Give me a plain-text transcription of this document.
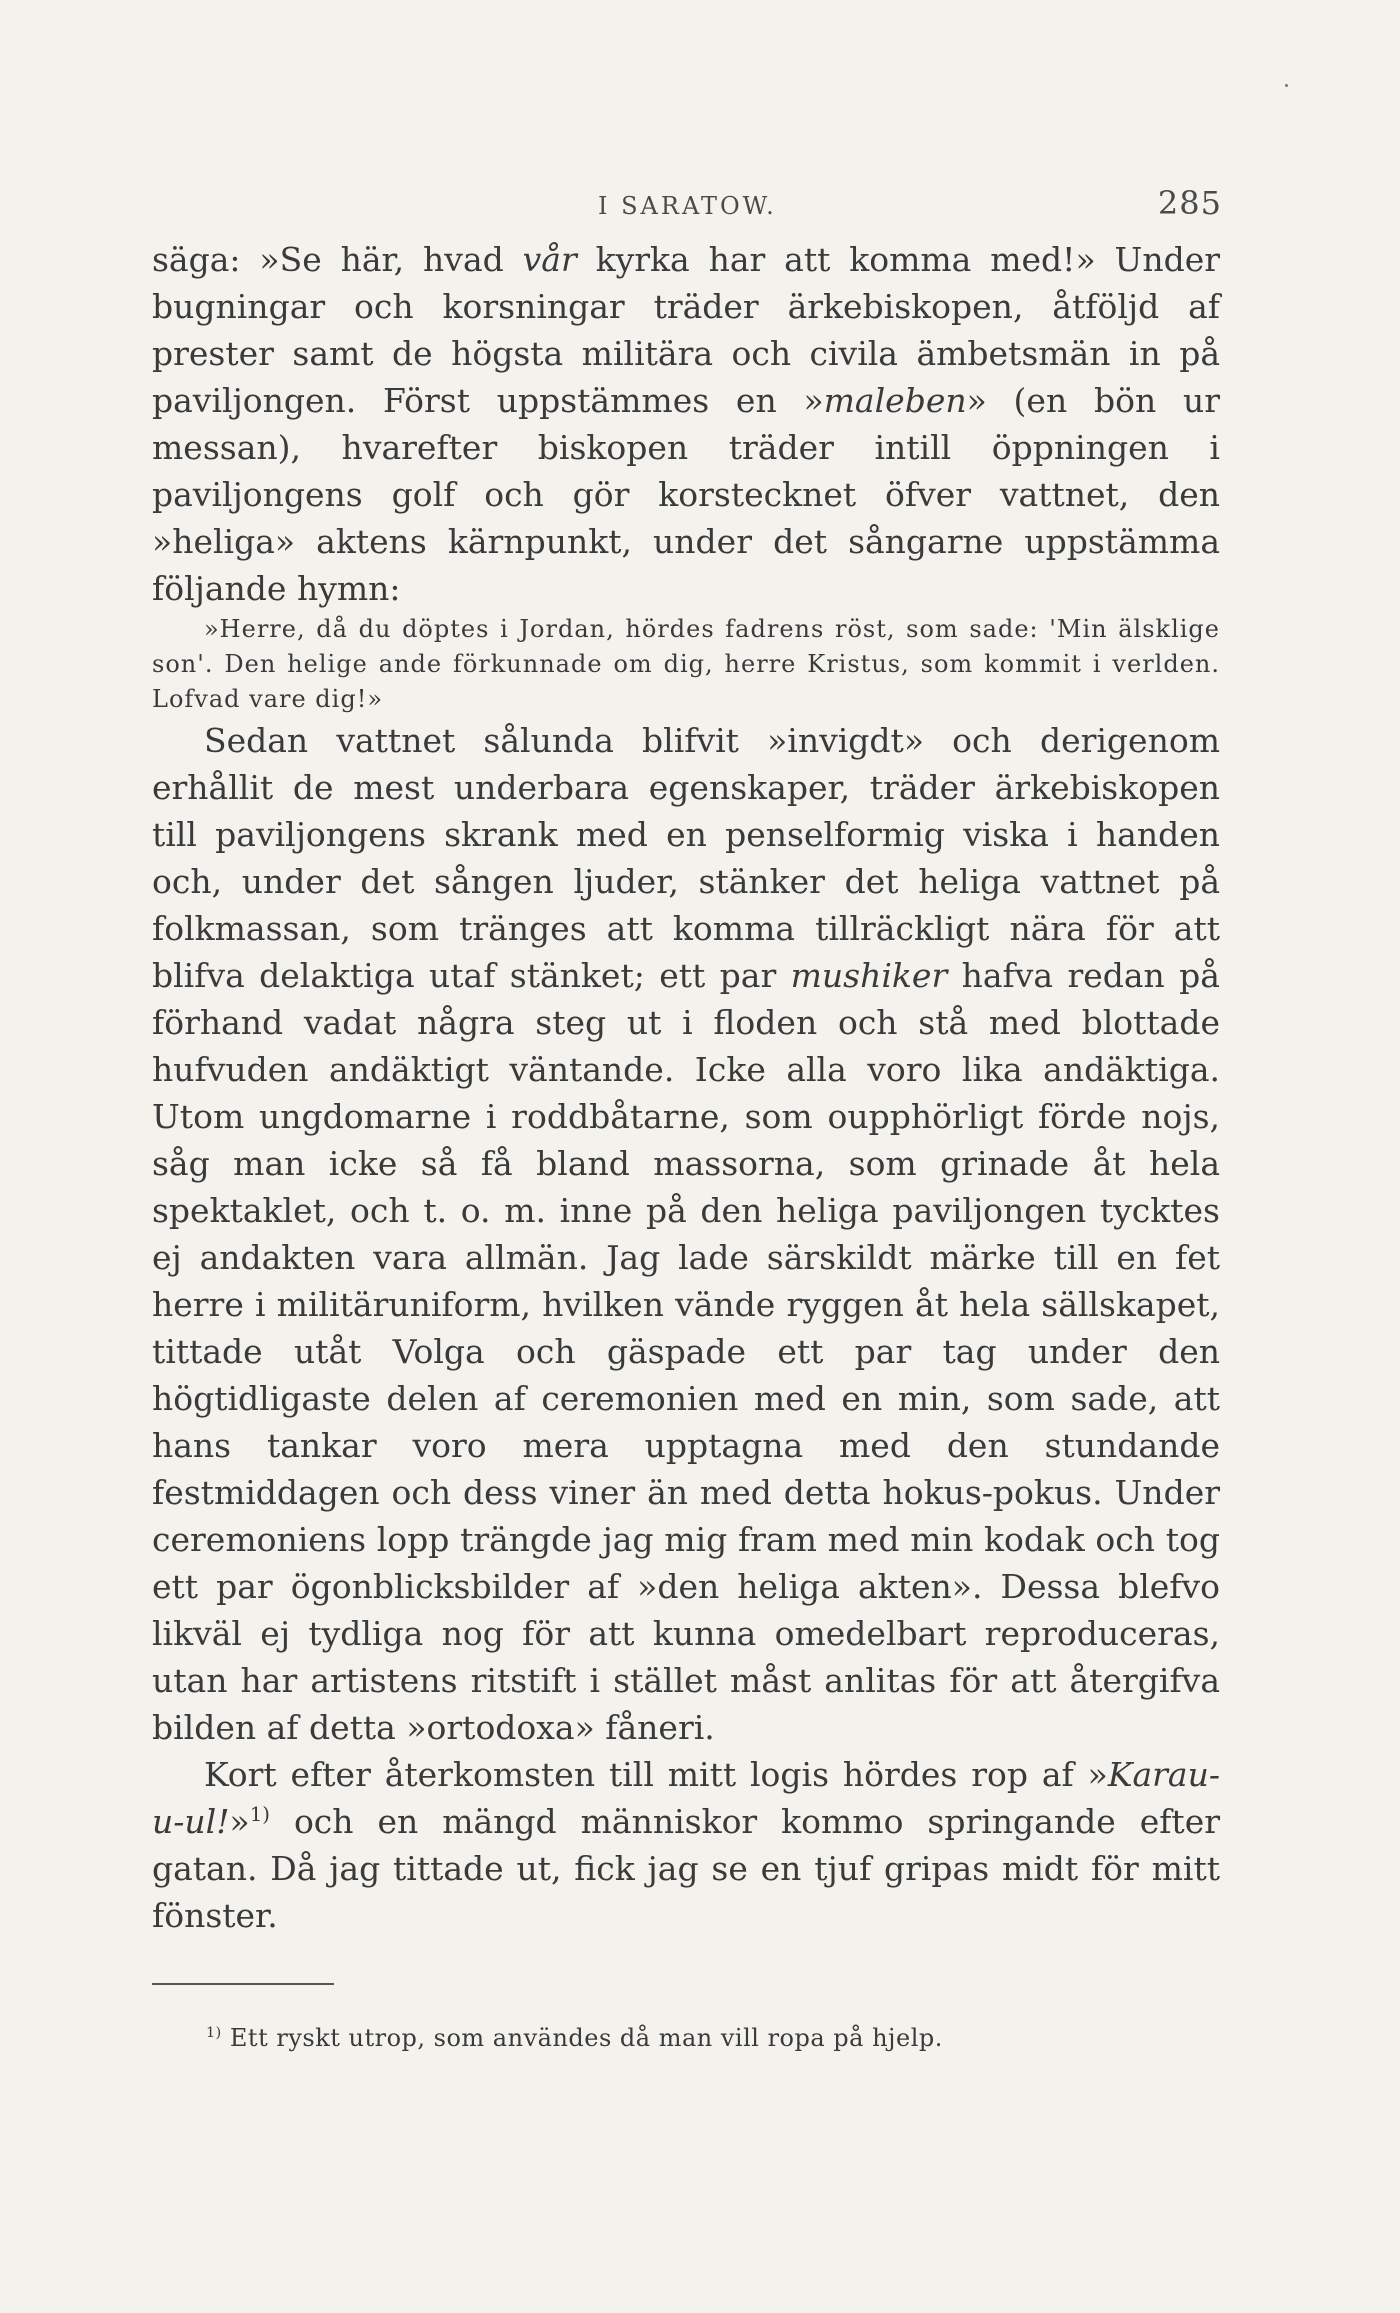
I SARATOW.	285

säga: »Se här, hvad vår kyrka har att komma med!» Under bugningar och korsningar träder ärkebiskopen, åtföljd af prester samt de högsta militära och civila ämbetsmän in på paviljongen. Först uppstämmes en »maleben» (en bön ur messan), hvarefter biskopen träder intill öppningen i paviljongens golf och gör korstecknet öfver vattnet, den »heliga» aktens kärnpunkt, under det sångarne uppstämma följande hymn:

»Herre, då du döptes i Jordan, hördes fadrens röst, som sade: 'Min älsklige son'. Den helige ande förkunnade om dig, herre Kristus, som kommit i verlden. Lofvad vare dig!»

Sedan vattnet sålunda blifvit »invigdt» och derigenom erhållit de mest underbara egenskaper, träder ärkebiskopen till paviljongens skrank med en penselformig viska i handen och, under det sången ljuder, stänker det heliga vattnet på folkmassan, som tränges att komma tillräckligt nära för att blifva delaktiga utaf stänket; ett par mushiker hafva redan på förhand vadat några steg ut i floden och stå med blottade hufvuden andäktigt väntande. Icke alla voro lika andäktiga. Utom ungdomarne i roddbåtarne, som oupphörligt förde nojs, såg man icke så få bland massorna, som grinade åt hela spektaklet, och t. o. m. inne på den heliga paviljongen tycktes ej andakten vara allmän. Jag lade särskildt märke till en fet herre i militäruniform, hvilken vände ryggen åt hela sällskapet, tittade utåt Volga och gäspade ett par tag under den högtidligaste delen af ceremonien med en min, som sade, att hans tankar voro mera upptagna med den stundande festmiddagen och dess viner än med detta hokus-pokus. Under ceremoniens lopp trängde jag mig fram med min kodak och tog ett par ögonblicksbilder af »den heliga akten». Dessa blefvo likväl ej tydliga nog för att kunna omedelbart reproduceras, utan har artistens ritstift i stället måst anlitas för att återgifva bilden af detta »ortodoxa» fåneri.

Kort efter återkomsten till mitt logis hördes rop af »Karau-u-ul!»$^{1)}$ och en mängd människor kommo springande efter gatan. Då jag tittade ut, fick jag se en tjuf gripas midt för mitt fönster.

$^{1)}$ Ett ryskt utrop, som användes då man vill ropa på hjelp.
